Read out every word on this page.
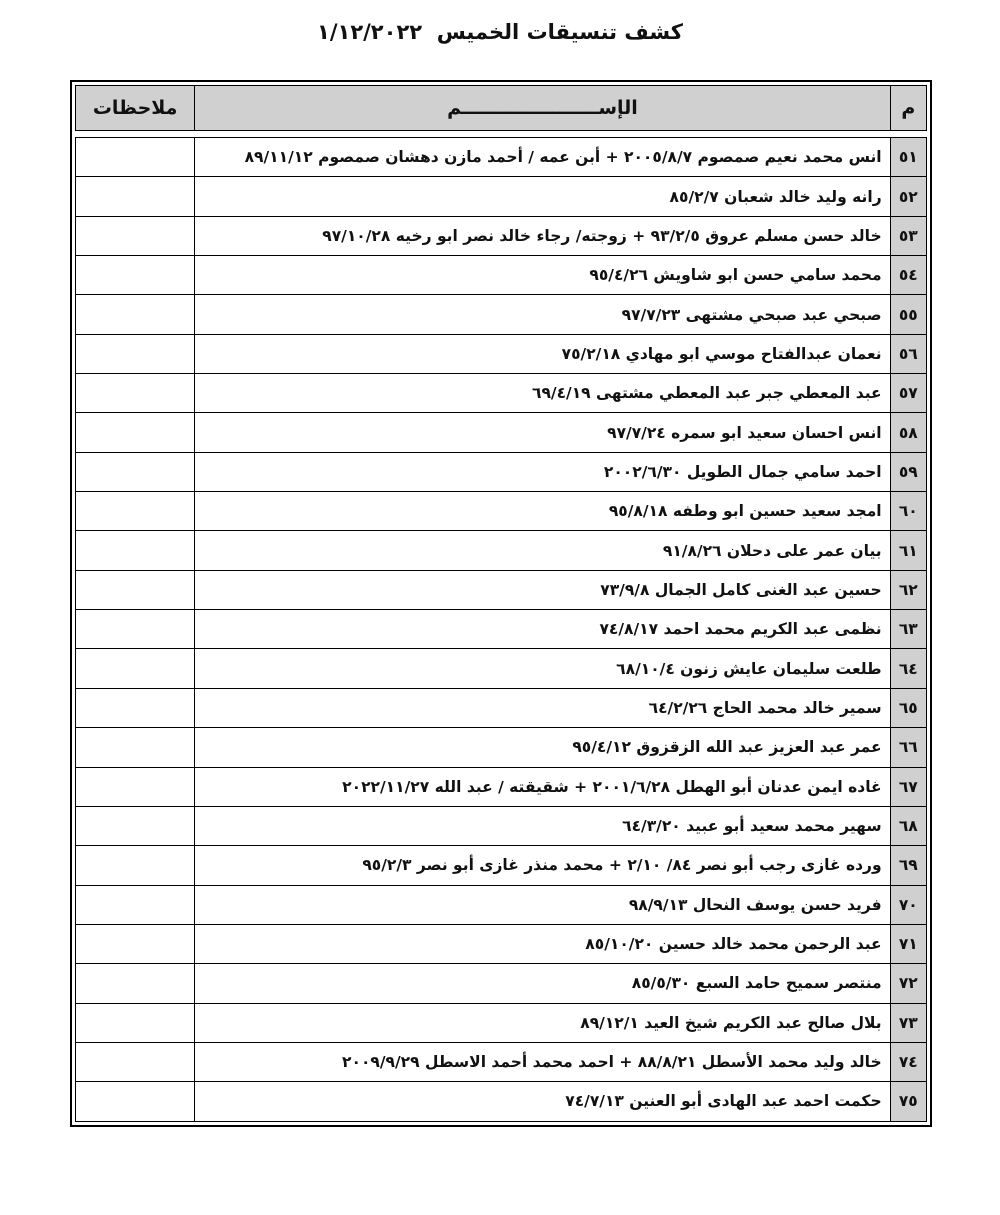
كشف تنسيقات الخميس  ١/١٢/٢٠٢٢
م	الإســـــــــــــــــــــم	ملاحظات

٥١	انس محمد نعيم صمصوم ٢٠٠٥/٨/٧ + أبن عمه / أحمد مازن دهشان صمصوم ٨٩/١١/١٢	
٥٢	رانه وليد خالد شعبان ٨٥/٢/٧	
٥٣	خالد حسن مسلم عروق ٩٣/٢/٥ + زوجته/ رجاء خالد نصر ابو رخيه ٩٧/١٠/٢٨	
٥٤	محمد سامي حسن ابو شاويش ٩٥/٤/٢٦	
٥٥	صبحي عبد صبحي مشتهى ٩٧/٧/٢٣	
٥٦	نعمان عبدالفتاح موسي ابو مهادي ٧٥/٢/١٨	
٥٧	عبد المعطي جبر عبد المعطي مشتهى ٦٩/٤/١٩	
٥٨	انس احسان سعيد ابو سمره ٩٧/٧/٢٤	
٥٩	احمد سامي جمال الطويل ٢٠٠٢/٦/٣٠	
٦٠	امجد سعيد حسين ابو وطفه ٩٥/٨/١٨	
٦١	بيان عمر على دحلان ٩١/٨/٢٦	
٦٢	حسين عبد الغنى كامل الجمال ٧٣/٩/٨	
٦٣	نظمى عبد الكريم محمد احمد ٧٤/٨/١٧	
٦٤	طلعت سليمان عايش زنون ٦٨/١٠/٤	
٦٥	سمير خالد محمد الحاج ٦٤/٢/٢٦	
٦٦	عمر عبد العزيز عبد الله الزقزوق ٩٥/٤/١٢	
٦٧	غاده ايمن عدنان أبو الهطل ٢٠٠١/٦/٢٨ + شقيقته / عبد الله ٢٠٢٢/١١/٢٧	
٦٨	سهير محمد سعيد أبو عبيد ٦٤/٣/٢٠	
٦٩	ورده غازى رجب أبو نصر ٨٤/ ٢/١٠ + محمد منذر غازى أبو نصر ٩٥/٢/٣	
٧٠	فريد حسن يوسف النحال ٩٨/٩/١٣	
٧١	عبد الرحمن محمد خالد حسين ٨٥/١٠/٢٠	
٧٢	منتصر سميح حامد السبع ٨٥/٥/٣٠	
٧٣	بلال صالح عبد الكريم شيخ العيد ٨٩/١٢/١	
٧٤	خالد وليد محمد الأسطل ٨٨/٨/٢١ + احمد محمد أحمد الاسطل ٢٠٠٩/٩/٢٩	
٧٥	حكمت احمد عبد الهادى أبو العنين ٧٤/٧/١٣	
